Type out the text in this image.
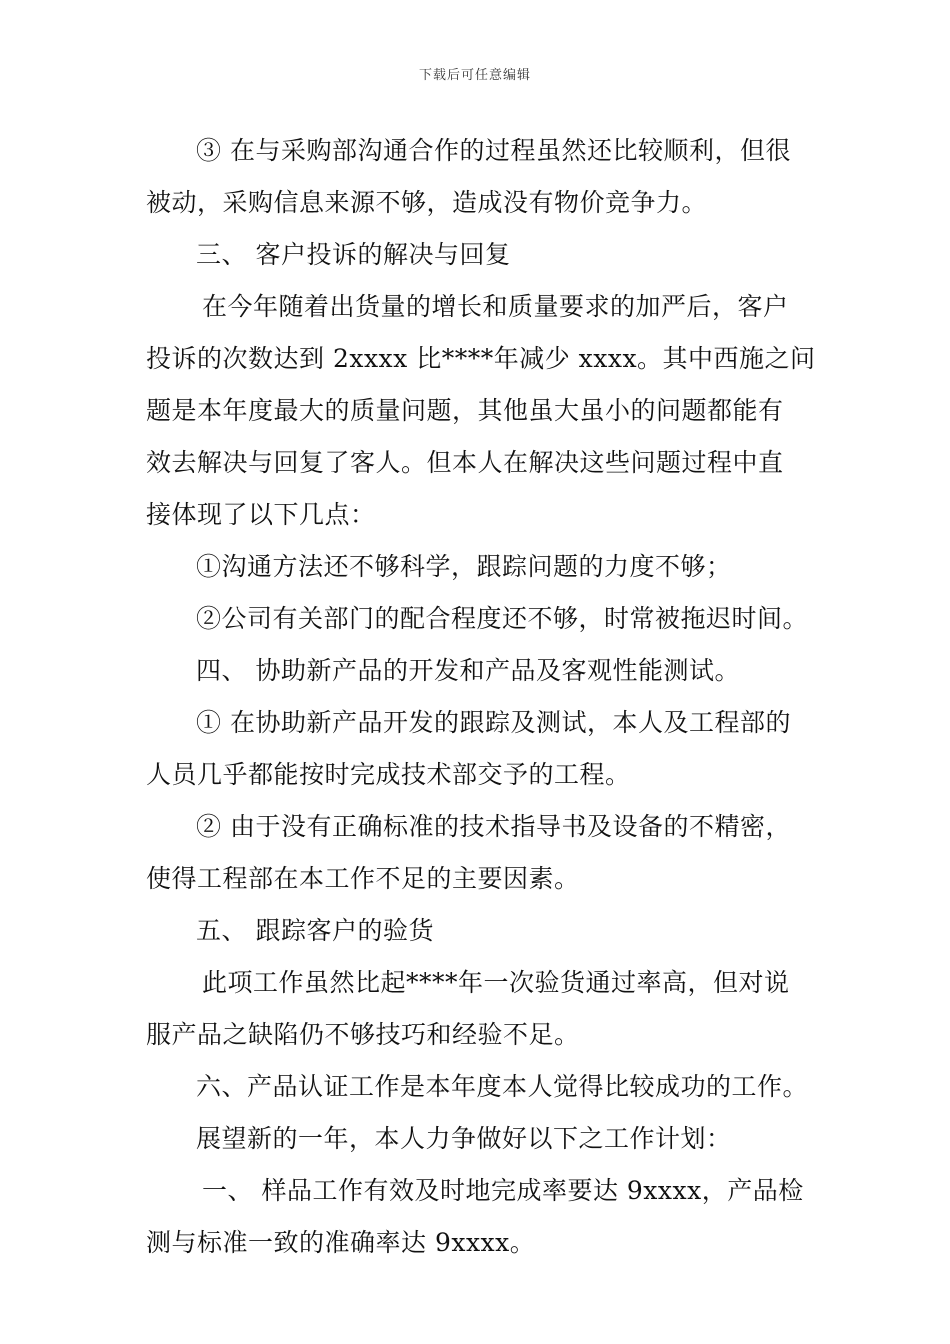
下载后可任意编辑
③ 在与采购部沟通合作的过程虽然还比较顺利，但很
被动，采购信息来源不够，造成没有物价竞争力。
三、 客户投诉的解决与回复
在今年随着出货量的增长和质量要求的加严后，客户
投诉的次数达到 2xxxx 比****年减少 xxxx。其中西施之问
题是本年度最大的质量问题，其他虽大虽小的问题都能有
效去解决与回复了客人。但本人在解决这些问题过程中直
接体现了以下几点：
①沟通方法还不够科学，跟踪问题的力度不够；
②公司有关部门的配合程度还不够，时常被拖迟时间。
四、 协助新产品的开发和产品及客观性能测试。
① 在协助新产品开发的跟踪及测试，本人及工程部的
人员几乎都能按时完成技术部交予的工程。
② 由于没有正确标准的技术指导书及设备的不精密，
使得工程部在本工作不足的主要因素。
五、 跟踪客户的验货
此项工作虽然比起****年一次验货通过率高，但对说
服产品之缺陷仍不够技巧和经验不足。
六、产品认证工作是本年度本人觉得比较成功的工作。
展望新的一年，本人力争做好以下之工作计划：
一、 样品工作有效及时地完成率要达 9xxxx，产品检
测与标准一致的准确率达 9xxxx。
